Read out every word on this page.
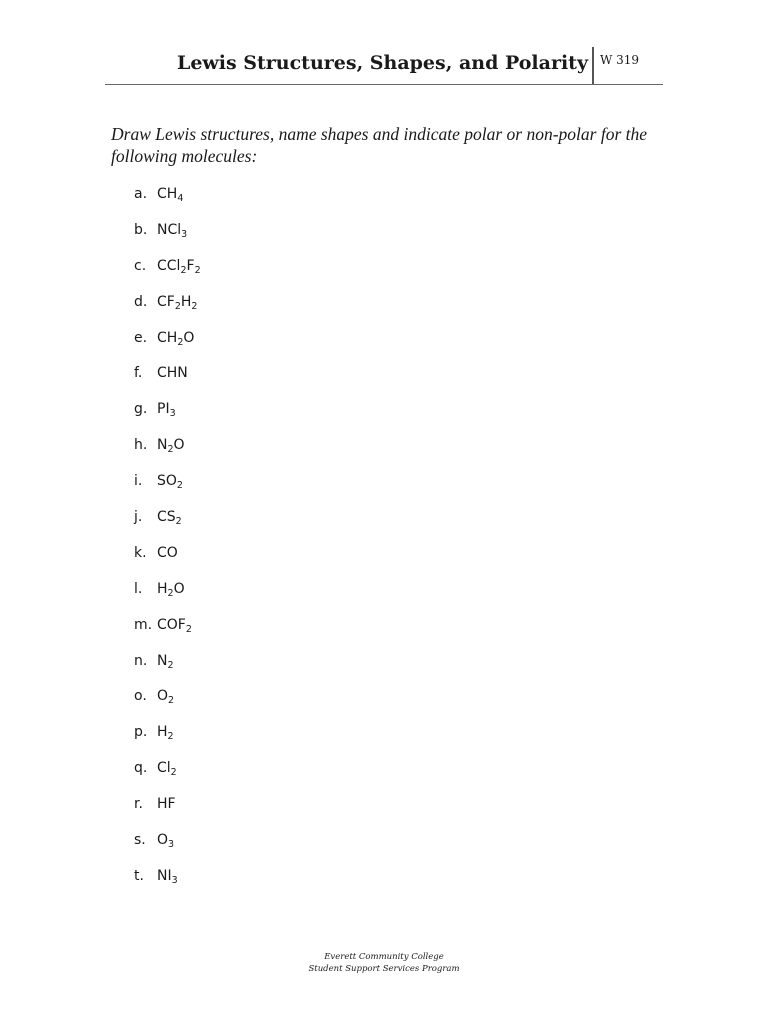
Lewis Structures, Shapes, and Polarity W 319
Draw Lewis structures, name shapes and indicate polar or non-polar for the following molecules:
a. $CH_4$
b. NCl$_3$
c. $CCl_2F_2$
d. $CF_2H_2$
e. $CH_2O$
f.	CHN
g. $PI_3$
h. $N_2O$
i.	$SO_2$
j.	$CS_2$
k. CO
l.	$H_2O$
m. $COF_2$
n. $N_2$
o. $O_2$
p. $H_2$
q. $Cl_2$
r.	HF
s. $O_3$
t. $NI_3$
Everett Community College
Student Support Services Program
